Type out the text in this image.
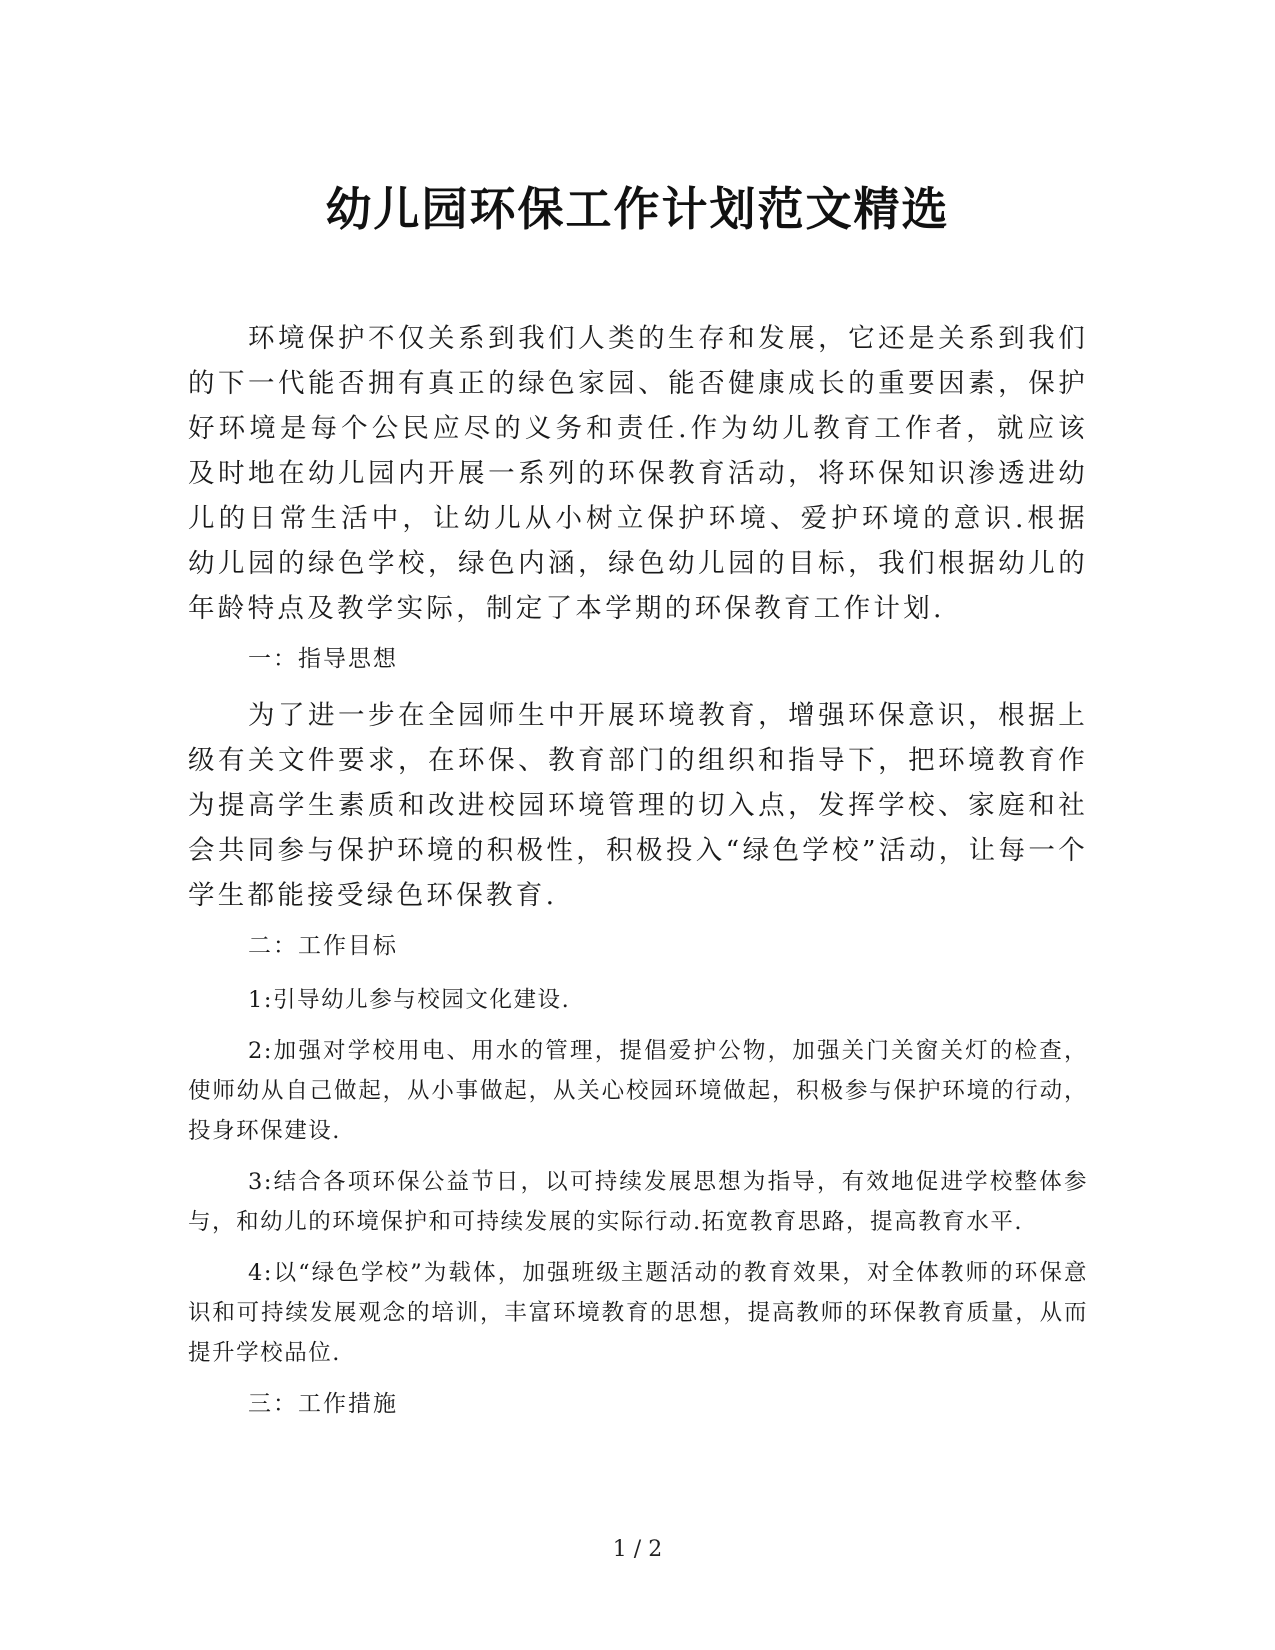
幼儿园环保工作计划范文精选

环境保护不仅关系到我们人类的生存和发展，它还是关系到我们的下一代能否拥有真正的绿色家园、能否健康成长的重要因素，保护好环境是每个公民应尽的义务和责任.作为幼儿教育工作者，就应该及时地在幼儿园内开展一系列的环保教育活动，将环保知识渗透进幼儿的日常生活中，让幼儿从小树立保护环境、爱护环境的意识.根据幼儿园的绿色学校，绿色内涵，绿色幼儿园的目标，我们根据幼儿的年龄特点及教学实际，制定了本学期的环保教育工作计划.

一：指导思想

为了进一步在全园师生中开展环境教育，增强环保意识，根据上级有关文件要求，在环保、教育部门的组织和指导下，把环境教育作为提高学生素质和改进校园环境管理的切入点，发挥学校、家庭和社会共同参与保护环境的积极性，积极投入“绿色学校”活动，让每一个学生都能接受绿色环保教育.

二：工作目标

1:引导幼儿参与校园文化建设.

2:加强对学校用电、用水的管理，提倡爱护公物，加强关门关窗关灯的检查，使师幼从自己做起，从小事做起，从关心校园环境做起，积极参与保护环境的行动，投身环保建设.

3:结合各项环保公益节日，以可持续发展思想为指导，有效地促进学校整体参与，和幼儿的环境保护和可持续发展的实际行动.拓宽教育思路，提高教育水平.

4:以“绿色学校”为载体，加强班级主题活动的教育效果，对全体教师的环保意识和可持续发展观念的培训，丰富环境教育的思想，提高教师的环保教育质量，从而提升学校品位.

三：工作措施

1 / 2
